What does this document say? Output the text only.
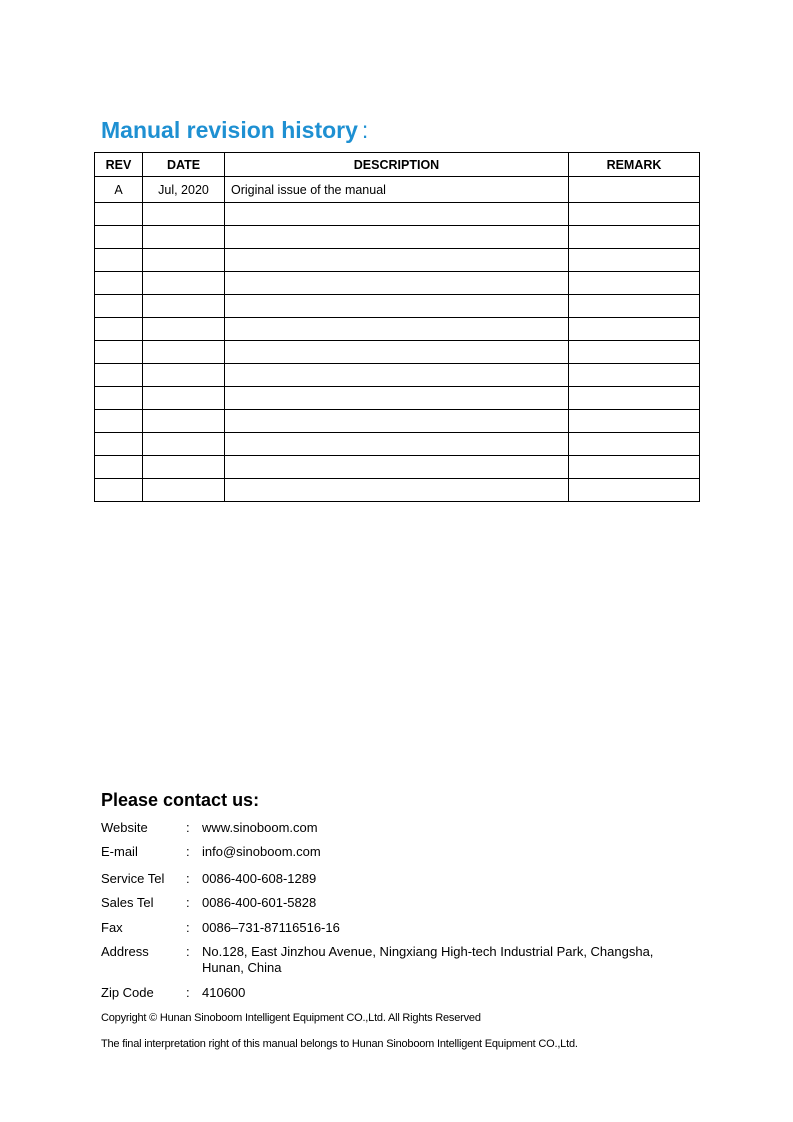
Manual revision history :
REV	DATE	DESCRIPTION	REMARK
A	Jul, 2020	Original issue of the manual	

Please contact us:
Website	: www.sinoboom.com
E-mail	: info@sinoboom.com
Service Tel : 0086-400-608-1289
Sales Tel : 0086-400-601-5828
Fax	: 0086–731-87116516-16
Address	: No.128, East Jinzhou Avenue, Ningxiang High-tech Industrial Park, Changsha,
Hunan, China
Zip Code : 410600
Copyright © Hunan Sinoboom Intelligent Equipment CO.,Ltd. All Rights Reserved
The final interpretation right of this manual belongs to Hunan Sinoboom Intelligent Equipment CO.,Ltd.
